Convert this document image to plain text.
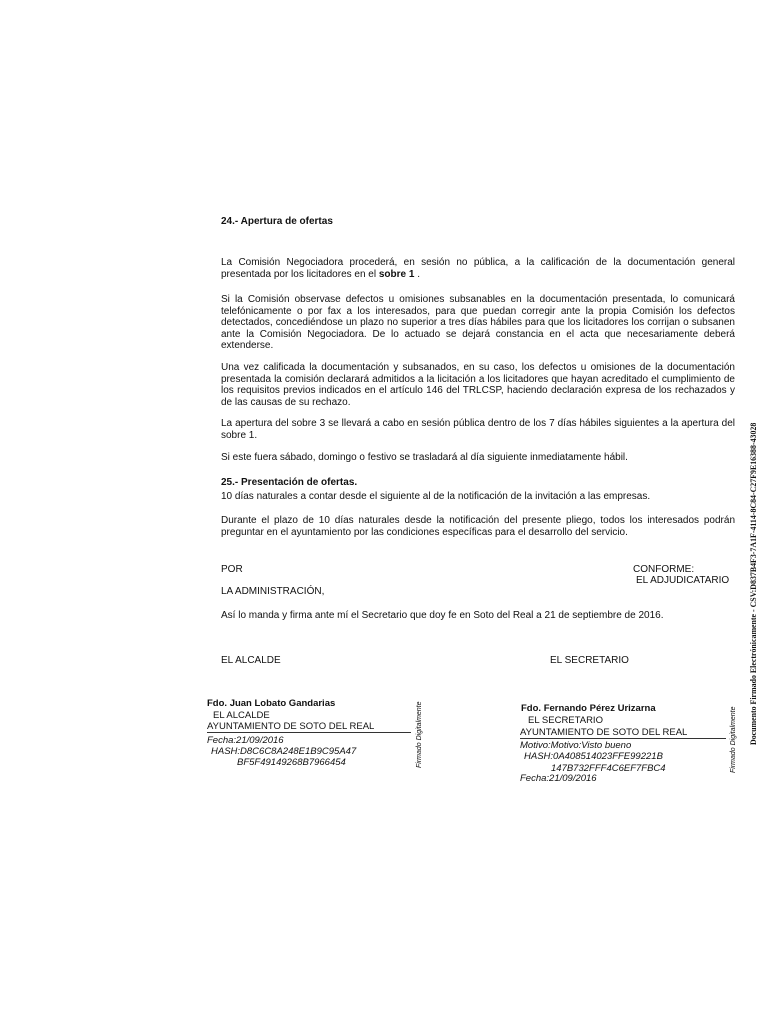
24.- Apertura de ofertas
La Comisión Negociadora procederá, en sesión no pública, a la calificación de la documentación general presentada por los licitadores en el sobre 1 .
Si la Comisión observase defectos u omisiones subsanables en la documentación presentada, lo comunicará telefónicamente o por fax a los interesados, para que puedan corregir ante la propia Comisión los defectos detectados, concediéndose un plazo no superior a tres días hábiles para que los licitadores los corrijan o subsanen ante la Comisión Negociadora. De lo actuado se dejará constancia en el acta que necesariamente deberá extenderse.
Una vez calificada la documentación y subsanados, en su caso, los defectos u omisiones de la documentación presentada la comisión declarará admitidos a la licitación a los licitadores que hayan acreditado el cumplimiento de los requisitos previos indicados en el artículo 146 del TRLCSP, haciendo declaración expresa de los rechazados y de las causas de su rechazo.
La apertura del sobre 3 se llevará a cabo en sesión pública dentro de los 7 días hábiles siguientes a la apertura del sobre 1.
Si este fuera sábado, domingo o festivo se trasladará al día siguiente inmediatamente hábil.
25.- Presentación de ofertas.
10 días naturales a contar desde el siguiente al de la notificación de la invitación a las empresas.
Durante el plazo de 10 días naturales desde la notificación del presente pliego, todos los interesados podrán preguntar en el ayuntamiento por las condiciones específicas para el desarrollo del servicio.
POR	CONFORME:
EL ADJUDICATARIO
LA ADMINISTRACIÓN,
Así lo manda y firma ante mí el Secretario que doy fe en Soto del Real a 21 de septiembre de 2016.
EL ALCALDE	EL SECRETARIO
Fdo. Juan Lobato Gandarias
EL ALCALDE
AYUNTAMIENTO DE SOTO DEL REAL
Fecha:21/09/2016
HASH:D8C6C8A248E1B9C95A47
BF5F49149268B7966454	Firmado Digitalmente	Fdo. Fernando Pérez Urizarna
EL SECRETARIO
AYUNTAMIENTO DE SOTO DEL REAL
Motivo:Motivo:Visto bueno
HASH:0A408514023FFE99221B
147B732FFF4C6EF7FBC4
Fecha:21/09/2016
Firmado Digitalmente Documento Firmado Electrónicamente - CSV:D837B4F3-7A1F-4114-8C84-C27F9E16388-43028
